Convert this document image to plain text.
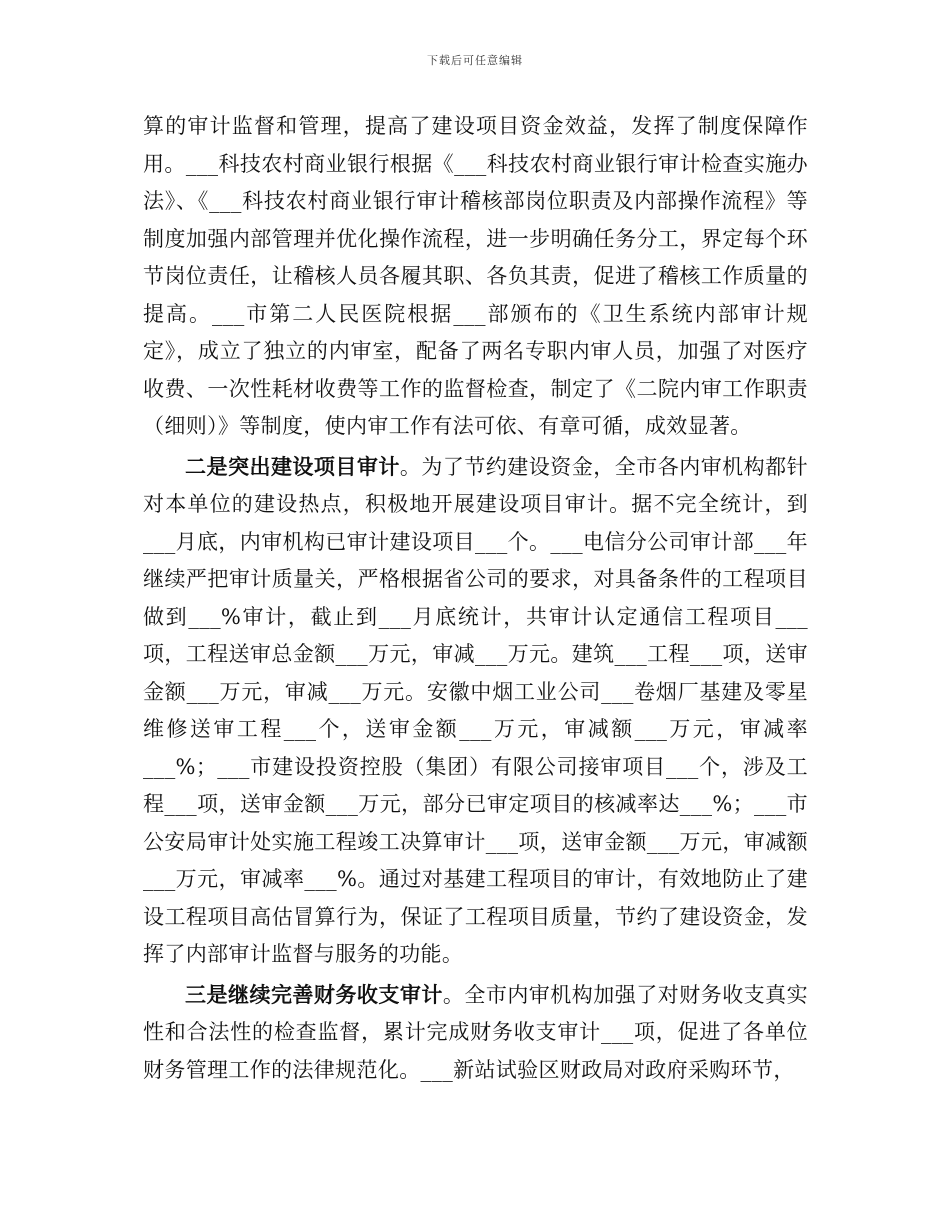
下载后可任意编辑

算的审计监督和管理，提高了建设项目资金效益，发挥了制度保障作用。___科技农村商业银行根据《___科技农村商业银行审计检查实施办法》、《___科技农村商业银行审计稽核部岗位职责及内部操作流程》等制度加强内部管理并优化操作流程，进一步明确任务分工，界定每个环节岗位责任，让稽核人员各履其职、各负其责，促进了稽核工作质量的提高。___市第二人民医院根据___部颁布的《卫生系统内部审计规定》，成立了独立的内审室，配备了两名专职内审人员，加强了对医疗收费、一次性耗材收费等工作的监督检查，制定了《二院内审工作职责（细则）》等制度，使内审工作有法可依、有章可循，成效显著。

二是突出建设项目审计。为了节约建设资金，全市各内审机构都针对本单位的建设热点，积极地开展建设项目审计。据不完全统计，到___月底，内审机构已审计建设项目___个。___电信分公司审计部___年继续严把审计质量关，严格根据省公司的要求，对具备条件的工程项目做到___%审计，截止到___月底统计，共审计认定通信工程项目___项，工程送审总金额___万元，审减___万元。建筑___工程___项，送审金额___万元，审减___万元。安徽中烟工业公司___卷烟厂基建及零星维修送审工程___个，送审金额___万元，审减额___万元，审减率___%；___市建设投资控股（集团）有限公司接审项目___个，涉及工程___项，送审金额___万元，部分已审定项目的核减率达___%；___市公安局审计处实施工程竣工决算审计___项，送审金额___万元，审减额___万元，审减率___%。通过对基建工程项目的审计，有效地防止了建设工程项目高估冒算行为，保证了工程项目质量，节约了建设资金，发挥了内部审计监督与服务的功能。

三是继续完善财务收支审计。全市内审机构加强了对财务收支真实性和合法性的检查监督，累计完成财务收支审计___项，促进了各单位财务管理工作的法律规范化。___新站试验区财政局对政府采购环节，
